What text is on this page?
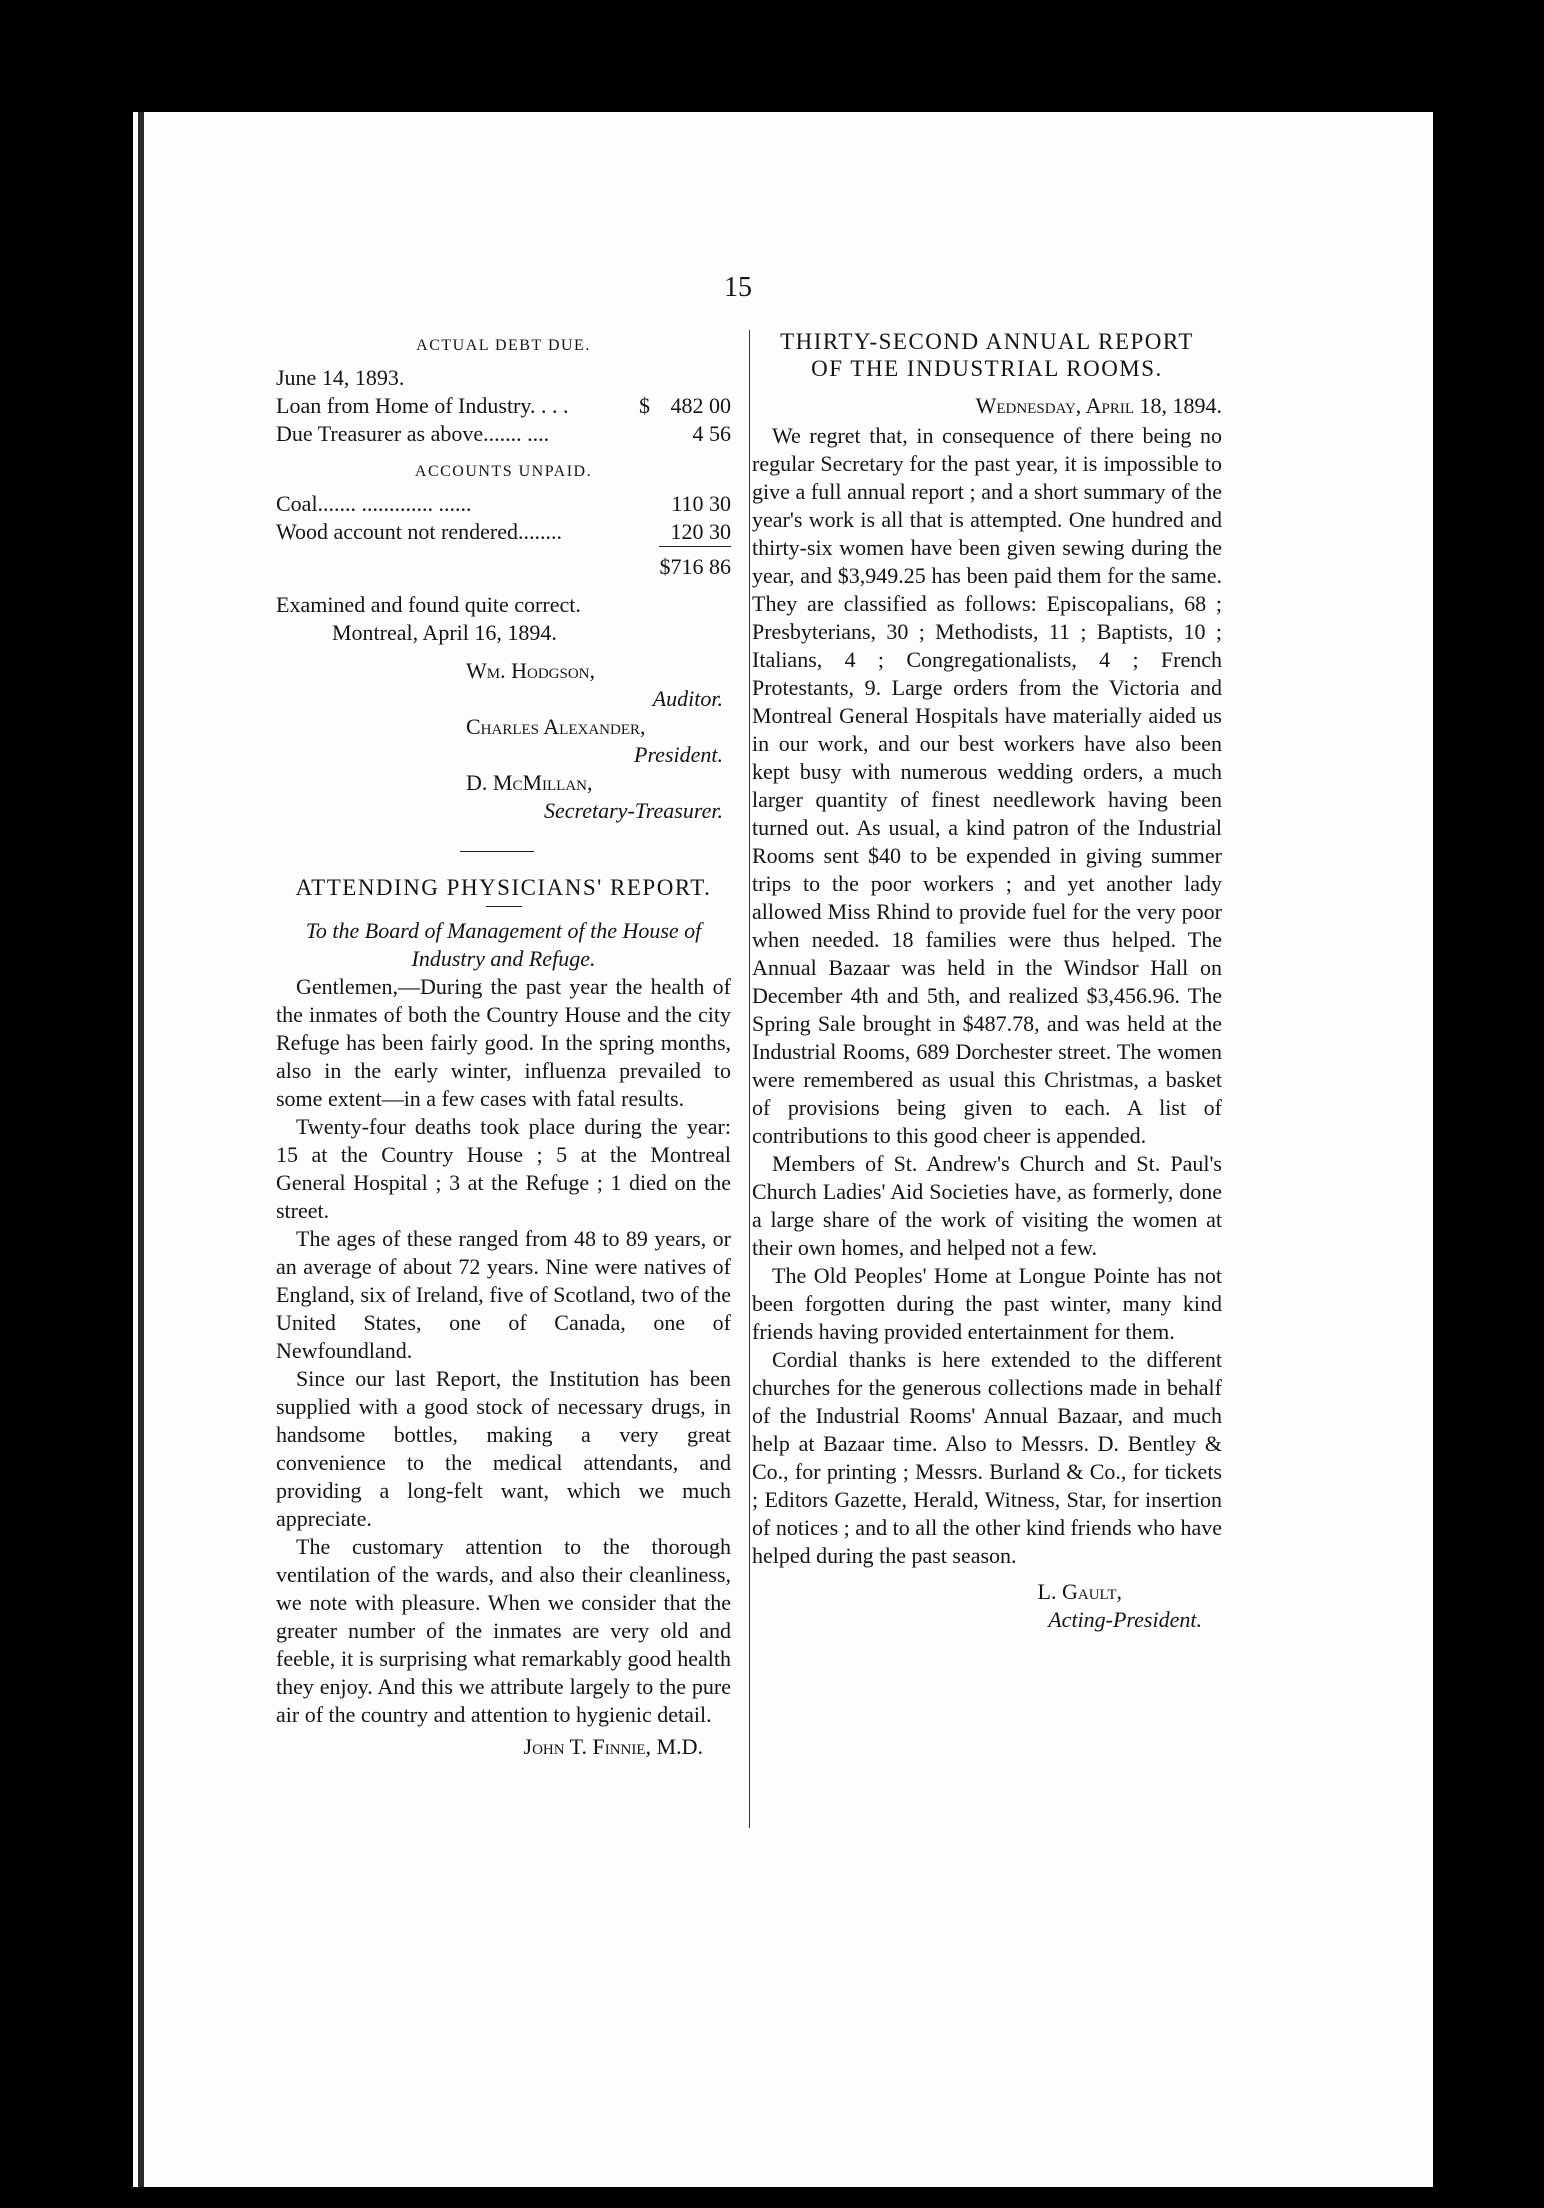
15

ACTUAL DEBT DUE.

June 14, 1893.

Loan from Home of Industry. . . .	$	482 00
Due Treasurer as above....... ....		4 56

ACCOUNTS UNPAID.

Coal....... ............. ......	110 30
Wood account not rendered........	120 30
	$716 86

Examined and found quite correct.

Montreal, April 16, 1894.

Wm. Hodgson,

Auditor.

Charles Alexander,

President.

D. McMillan,

Secretary-Treasurer.

ATTENDING PHYSICIANS' REPORT.

To the Board of Management of the House of Industry and Refuge.

Gentlemen,—During the past year the health of the inmates of both the Country House and the city Refuge has been fairly good. In the spring months, also in the early winter, influenza prevailed to some extent—in a few cases with fatal results.

Twenty-four deaths took place during the year: 15 at the Country House ; 5 at the Montreal General Hospital ; 3 at the Refuge ; 1 died on the street.

The ages of these ranged from 48 to 89 years, or an average of about 72 years. Nine were natives of England, six of Ireland, five of Scotland, two of the United States, one of Canada, one of Newfoundland.

Since our last Report, the Institution has been supplied with a good stock of necessary drugs, in handsome bottles, making a very great convenience to the medical attendants, and providing a long-felt want, which we much appreciate.

The customary attention to the thorough ventilation of the wards, and also their cleanliness, we note with pleasure. When we consider that the greater number of the inmates are very old and feeble, it is surprising what remarkably good health they enjoy. And this we attribute largely to the pure air of the country and attention to hygienic detail.

John T. Finnie, M.D.

THIRTY-SECOND ANNUAL REPORT

OF THE INDUSTRIAL ROOMS.

Wednesday, April 18, 1894.

We regret that, in consequence of there being no regular Secretary for the past year, it is impossible to give a full annual report ; and a short summary of the year's work is all that is attempted. One hundred and thirty-six women have been given sewing during the year, and $3,949.25 has been paid them for the same. They are classified as follows: Episcopalians, 68 ; Presbyterians, 30 ; Methodists, 11 ; Baptists, 10 ; Italians, 4 ; Congregationalists, 4 ; French Protestants, 9. Large orders from the Victoria and Montreal General Hospitals have materially aided us in our work, and our best workers have also been kept busy with numerous wedding orders, a much larger quantity of finest needlework having been turned out. As usual, a kind patron of the Industrial Rooms sent $40 to be expended in giving summer trips to the poor workers ; and yet another lady allowed Miss Rhind to provide fuel for the very poor when needed. 18 families were thus helped. The Annual Bazaar was held in the Windsor Hall on December 4th and 5th, and realized $3,456.96. The Spring Sale brought in $487.78, and was held at the Industrial Rooms, 689 Dorchester street. The women were remembered as usual this Christmas, a basket of provisions being given to each. A list of contributions to this good cheer is appended.

Members of St. Andrew's Church and St. Paul's Church Ladies' Aid Societies have, as formerly, done a large share of the work of visiting the women at their own homes, and helped not a few.

The Old Peoples' Home at Longue Pointe has not been forgotten during the past winter, many kind friends having provided entertainment for them.

Cordial thanks is here extended to the different churches for the generous collections made in behalf of the Industrial Rooms' Annual Bazaar, and much help at Bazaar time. Also to Messrs. D. Bentley & Co., for printing ; Messrs. Burland & Co., for tickets ; Editors Gazette, Herald, Witness, Star, for insertion of notices ; and to all the other kind friends who have helped during the past season.

L. Gault,

Acting-President.
